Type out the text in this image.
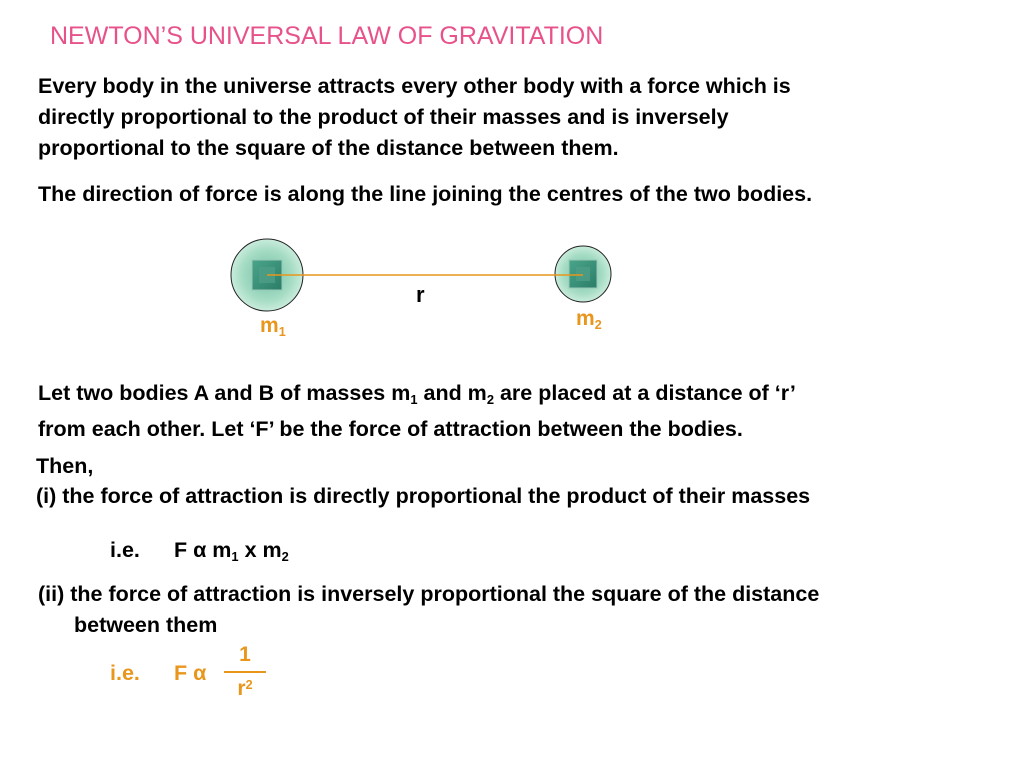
NEWTON’S UNIVERSAL LAW OF GRAVITATION
Every body in the universe attracts every other body with a force which is
directly proportional to the product of their masses and is inversely
proportional to the square of the distance between them.
The direction of force is along the line joining the centres of the two bodies.
r
$m_1$
$m_2$
Let two bodies A and B of masses $m_1$ and $m_2$ are placed at a distance of ‘r’
from each other. Let ‘F’ be the force of attraction between the bodies.
Then,
(i) the force of attraction is directly proportional the product of their masses
i.e. F α $m_1$ x $m_2$
(ii) the force of attraction is inversely proportional the square of the distance
between them
i.e. F α
1
$r^2$
